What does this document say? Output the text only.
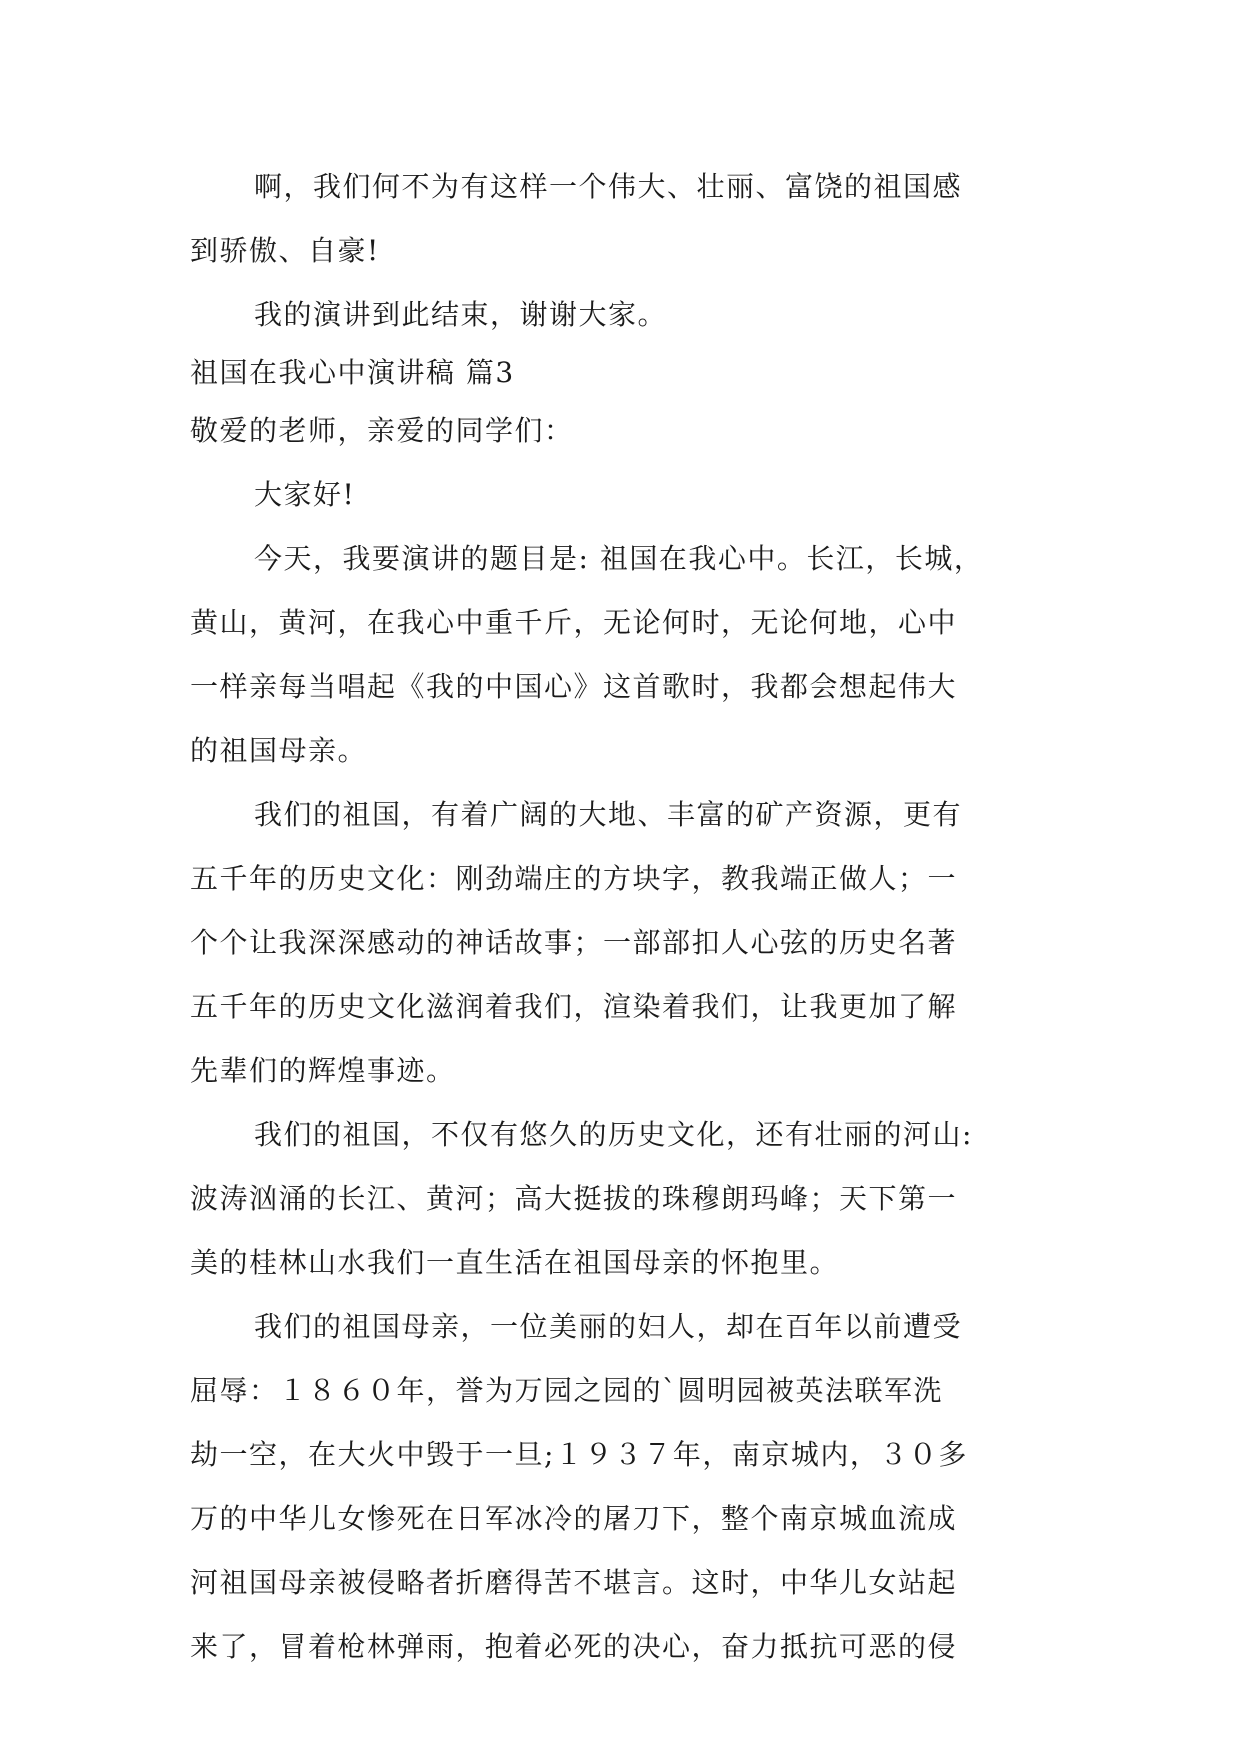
啊，我们何不为有这样一个伟大、壮丽、富饶的祖国感
到骄傲、自豪!
我的演讲到此结束，谢谢大家。
祖国在我心中演讲稿 篇3
敬爱的老师，亲爱的同学们：
大家好!
今天，我要演讲的题目是: 祖国在我心中。长江，长城，
黄山，黄河，在我心中重千斤，无论何时，无论何地，心中
一样亲每当唱起《我的中国心》这首歌时，我都会想起伟大
的祖国母亲。
我们的祖国，有着广阔的大地、丰富的矿产资源，更有
五千年的历史文化：刚劲端庄的方块字，教我端正做人；一
个个让我深深感动的神话故事；一部部扣人心弦的历史名著
五千年的历史文化滋润着我们，渲染着我们，让我更加了解
先辈们的辉煌事迹。
我们的祖国，不仅有悠久的历史文化，还有壮丽的河山:
波涛汹涌的长江、黄河；高大挺拔的珠穆朗玛峰；天下第一
美的桂林山水我们一直生活在祖国母亲的怀抱里。
我们的祖国母亲，一位美丽的妇人，却在百年以前遭受
屈辱：１８６０年，誉为万园之园的`圆明园被英法联军洗
劫一空，在大火中毁于一旦;１９３７年，南京城内，３０多
万的中华儿女惨死在日军冰冷的屠刀下，整个南京城血流成
河祖国母亲被侵略者折磨得苦不堪言。这时，中华儿女站起
来了，冒着枪林弹雨，抱着必死的决心，奋力抵抗可恶的侵
